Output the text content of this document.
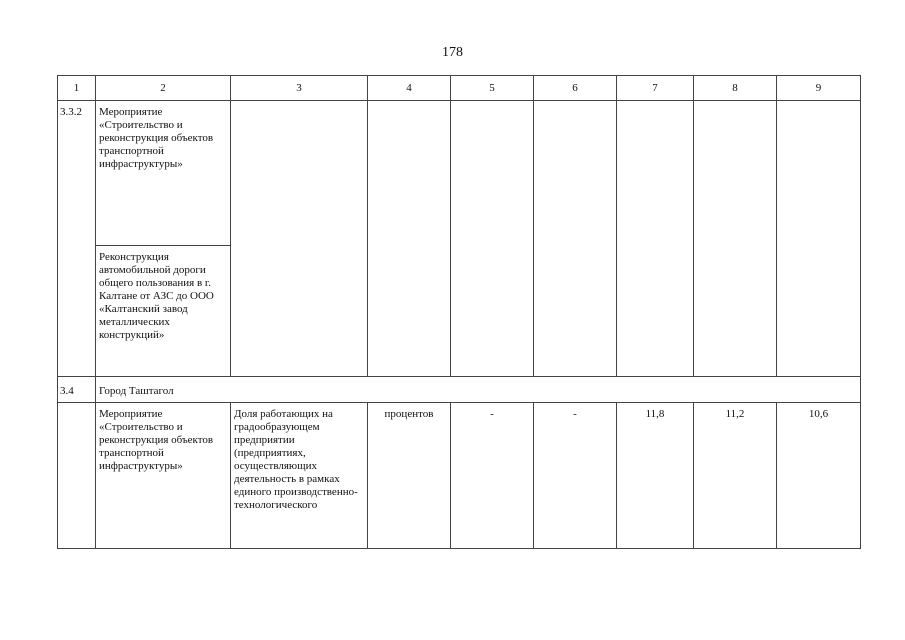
178
1	2	3	4	5	6	7	8	9
3.3.2	Мероприятие «Строительство и реконструкция объектов транспортной инфраструктуры»							
	Реконструкция автомобильной дороги общего пользования в г. Калтане от АЗС до ООО «Калтанский завод металлических конструкций»							
3.4	Город Таштагол							
	Мероприятие «Строительство и реконструкция объектов транспортной инфраструктуры»	Доля работающих на градообразующем предприятии (предприятиях, осуществляющих деятельность в рамках единого производственно-технологического	процентов	-	-	11,8	11,2	10,6
